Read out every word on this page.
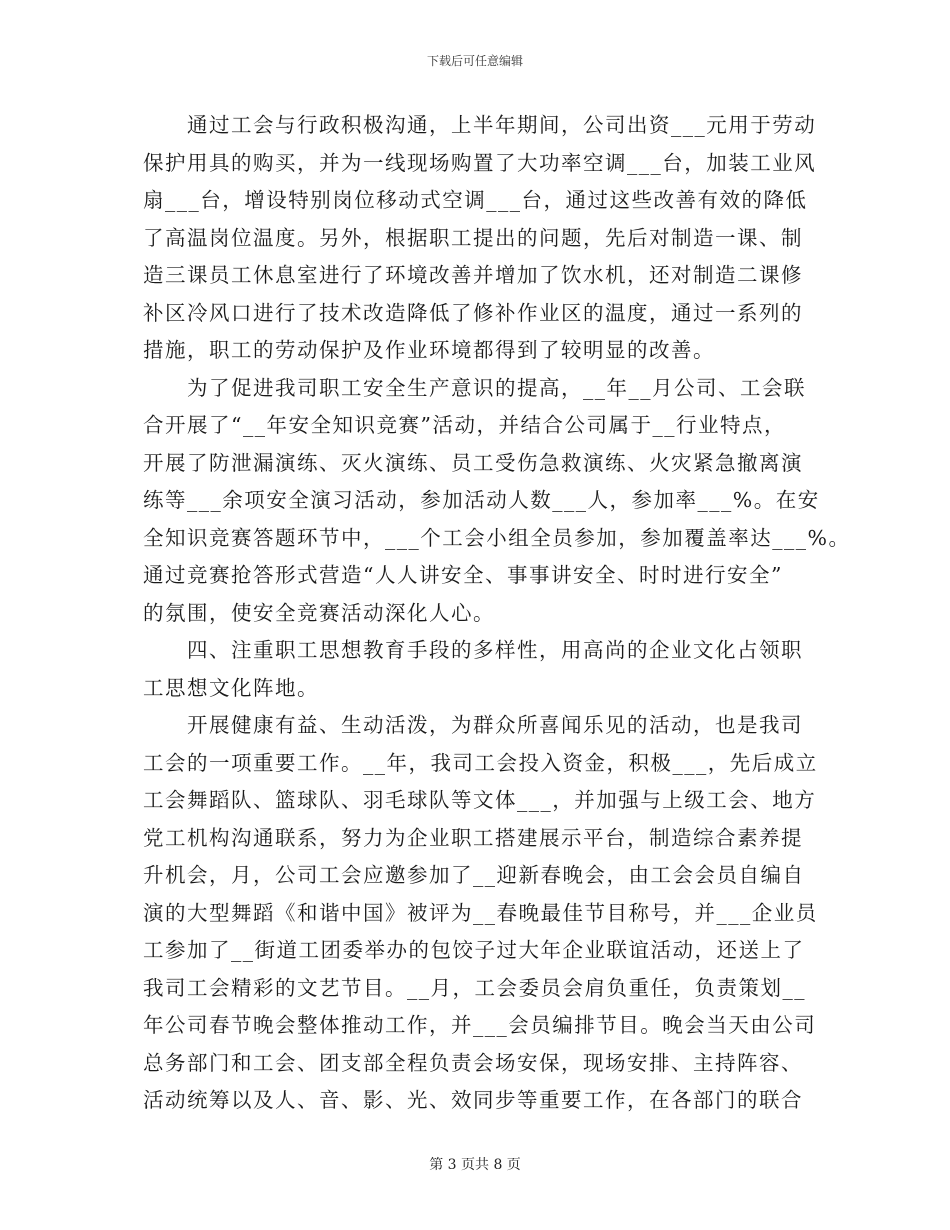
下载后可任意编辑
通过工会与行政积极沟通，上半年期间，公司出资___元用于劳动
保护用具的购买，并为一线现场购置了大功率空调___台，加装工业风
扇___台，增设特别岗位移动式空调___台，通过这些改善有效的降低
了高温岗位温度。另外，根据职工提出的问题，先后对制造一课、制
造三课员工休息室进行了环境改善并增加了饮水机，还对制造二课修
补区冷风口进行了技术改造降低了修补作业区的温度，通过一系列的
措施，职工的劳动保护及作业环境都得到了较明显的改善。
为了促进我司职工安全生产意识的提高，__年__月公司、工会联
合开展了“__年安全知识竞赛”活动，并结合公司属于__行业特点，
开展了防泄漏演练、灭火演练、员工受伤急救演练、火灾紧急撤离演
练等___余项安全演习活动，参加活动人数___人，参加率___%。在安
全知识竞赛答题环节中，___个工会小组全员参加，参加覆盖率达___%。
通过竞赛抢答形式营造“人人讲安全、事事讲安全、时时进行安全”
的氛围，使安全竞赛活动深化人心。
四、注重职工思想教育手段的多样性，用高尚的企业文化占领职
工思想文化阵地。
开展健康有益、生动活泼，为群众所喜闻乐见的活动，也是我司
工会的一项重要工作。__年，我司工会投入资金，积极___，先后成立
工会舞蹈队、篮球队、羽毛球队等文体___，并加强与上级工会、地方
党工机构沟通联系，努力为企业职工搭建展示平台，制造综合素养提
升机会，月，公司工会应邀参加了__迎新春晚会，由工会会员自编自
演的大型舞蹈《和谐中国》被评为__春晚最佳节目称号，并___企业员
工参加了__街道工团委举办的包饺子过大年企业联谊活动，还送上了
我司工会精彩的文艺节目。__月，工会委员会肩负重任，负责策划__
年公司春节晚会整体推动工作，并___会员编排节目。晚会当天由公司
总务部门和工会、团支部全程负责会场安保，现场安排、主持阵容、
活动统筹以及人、音、影、光、效同步等重要工作，在各部门的联合
第 3 页共 8 页
